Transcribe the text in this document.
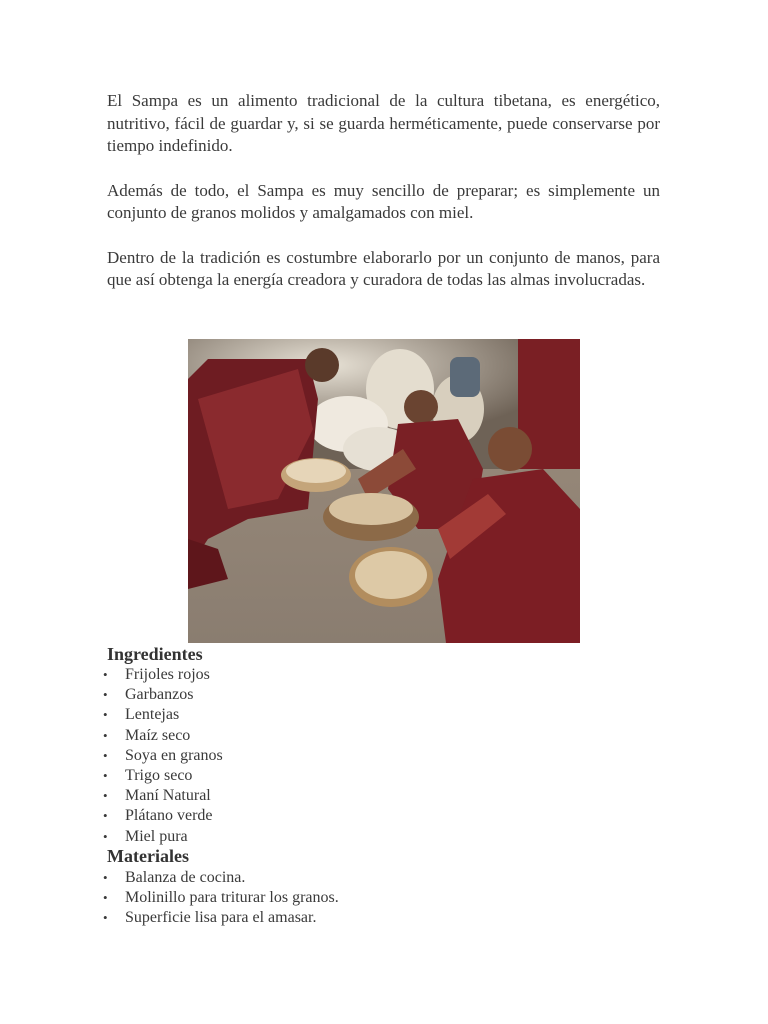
El Sampa es un alimento tradicional de la cultura tibetana, es energético, nutritivo, fácil de guardar y, si se guarda herméticamente, puede conservarse por tiempo indefinido.

Además de todo, el Sampa es muy sencillo de preparar; es simplemente un conjunto de granos molidos y amalgamados con miel.

Dentro de la tradición es costumbre elaborarlo por un conjunto de manos, para que así obtenga la energía creadora y curadora de todas las almas involucradas.

Ingredientes
• Frijoles rojos
• Garbanzos
• Lentejas
• Maíz seco
• Soya en granos
• Trigo seco
• Maní Natural
• Plátano verde
• Miel pura
Materiales
• Balanza de cocina.
• Molinillo para triturar los granos.
• Superficie lisa para el amasar.
